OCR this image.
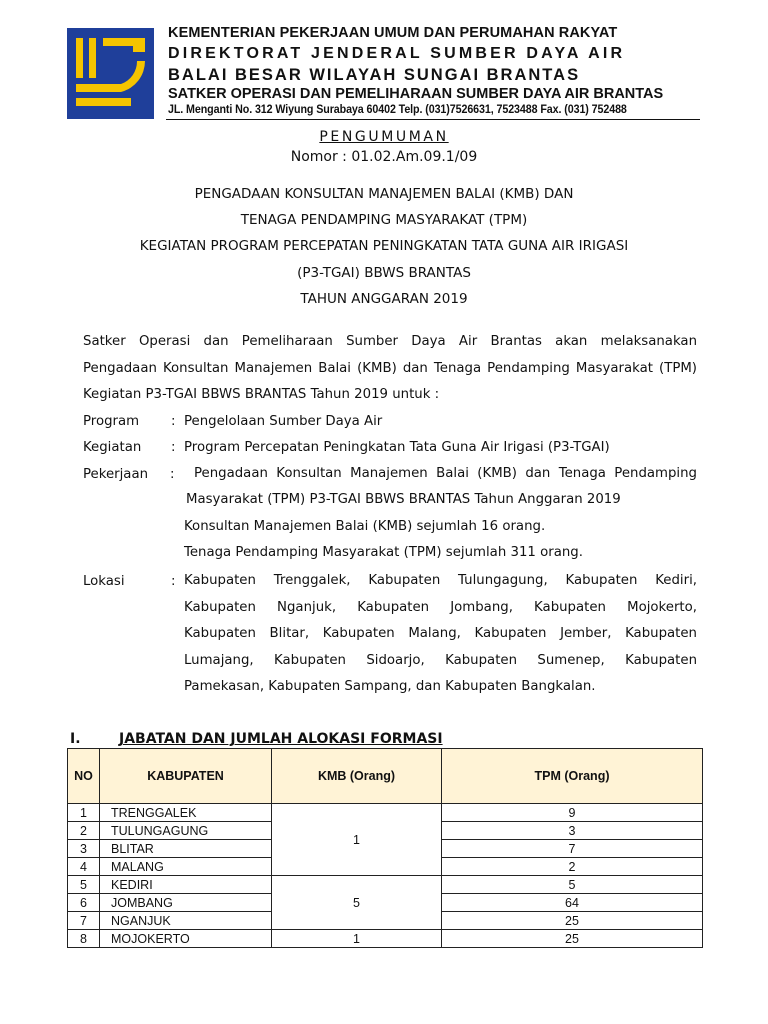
KEMENTERIAN PEKERJAAN UMUM DAN PERUMAHAN RAKYAT
DIREKTORAT JENDERAL SUMBER DAYA AIR
BALAI BESAR WILAYAH SUNGAI BRANTAS
SATKER OPERASI DAN PEMELIHARAAN SUMBER DAYA AIR BRANTAS
JL. Menganti No. 312 Wiyung Surabaya 60402 Telp. (031)7526631, 7523488 Fax. (031) 752488
PENGUMUMAN
Nomor : 01.02.Am.09.1/09
PENGADAAN KONSULTAN MANAJEMEN BALAI (KMB) DAN
TENAGA PENDAMPING MASYARAKAT (TPM)
KEGIATAN PROGRAM PERCEPATAN PENINGKATAN TATA GUNA AIR IRIGASI
(P3-TGAI) BBWS BRANTAS
TAHUN ANGGARAN 2019
Satker Operasi dan Pemeliharaan Sumber Daya Air Brantas akan melaksanakan
Pengadaan Konsultan Manajemen Balai (KMB) dan Tenaga Pendamping Masyarakat (TPM)
Kegiatan P3-TGAI BBWS BRANTAS Tahun 2019 untuk :
Program : Pengelolaan Sumber Daya Air
Kegiatan : Program Percepatan Peningkatan Tata Guna Air Irigasi (P3-TGAI)
Pekerjaan : Pengadaan Konsultan Manajemen Balai (KMB) dan Tenaga Pendamping
Masyarakat (TPM) P3-TGAI BBWS BRANTAS Tahun Anggaran 2019
Konsultan Manajemen Balai (KMB) sejumlah 16 orang.
Tenaga Pendamping Masyarakat (TPM) sejumlah 311 orang.
Lokasi	: Kabupaten Trenggalek, Kabupaten Tulungagung, Kabupaten Kediri,
Kabupaten Nganjuk, Kabupaten Jombang, Kabupaten Mojokerto,
Kabupaten Blitar, Kabupaten Malang, Kabupaten Jember, Kabupaten
Lumajang, Kabupaten Sidoarjo, Kabupaten Sumenep, Kabupaten
Pamekasan, Kabupaten Sampang, dan Kabupaten Bangkalan.
I.	JABATAN DAN JUMLAH ALOKASI FORMASI
NO	KABUPATEN	KMB (Orang)	TPM (Orang)
1	TRENGGALEK	1	9
2	TULUNGAGUNG		3
3	BLITAR		7
4	MALANG		2
5	KEDIRI	5	5
6	JOMBANG		64
7	NGANJUK		25
8	MOJOKERTO	1	25
